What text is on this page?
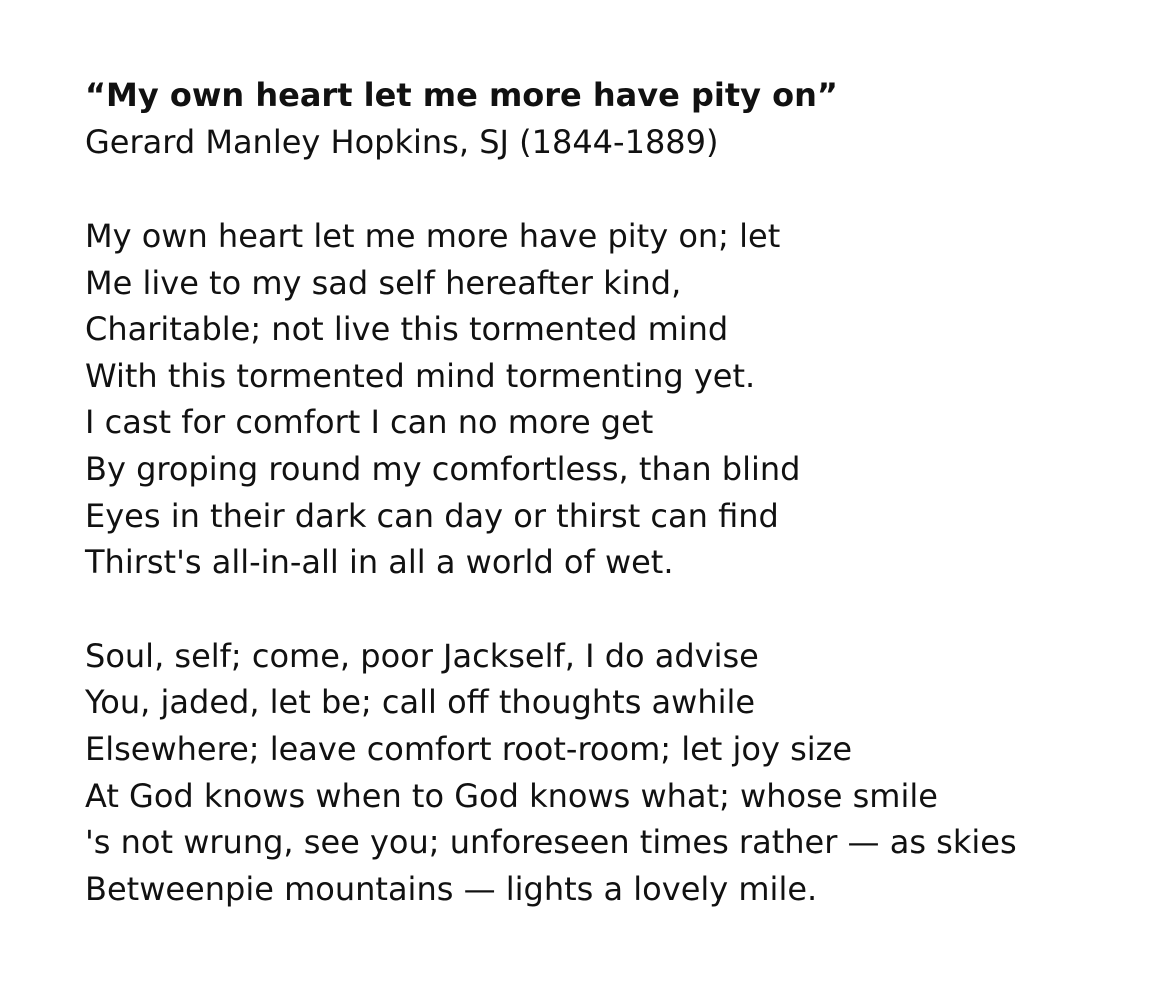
“My own heart let me more have pity on”

Gerard Manley Hopkins, SJ (1844-1889)

My own heart let me more have pity on; let
Me live to my sad self hereafter kind,
Charitable; not live this tormented mind
With this tormented mind tormenting yet.
I cast for comfort I can no more get
By groping round my comfortless, than blind
Eyes in their dark can day or thirst can find
Thirst's all-in-all in all a world of wet.
Soul, self; come, poor Jackself, I do advise
You, jaded, let be; call off thoughts awhile
Elsewhere; leave comfort root-room; let joy size
At God knows when to God knows what; whose smile
's not wrung, see you; unforeseen times rather — as skies
Betweenpie mountains — lights a lovely mile.
